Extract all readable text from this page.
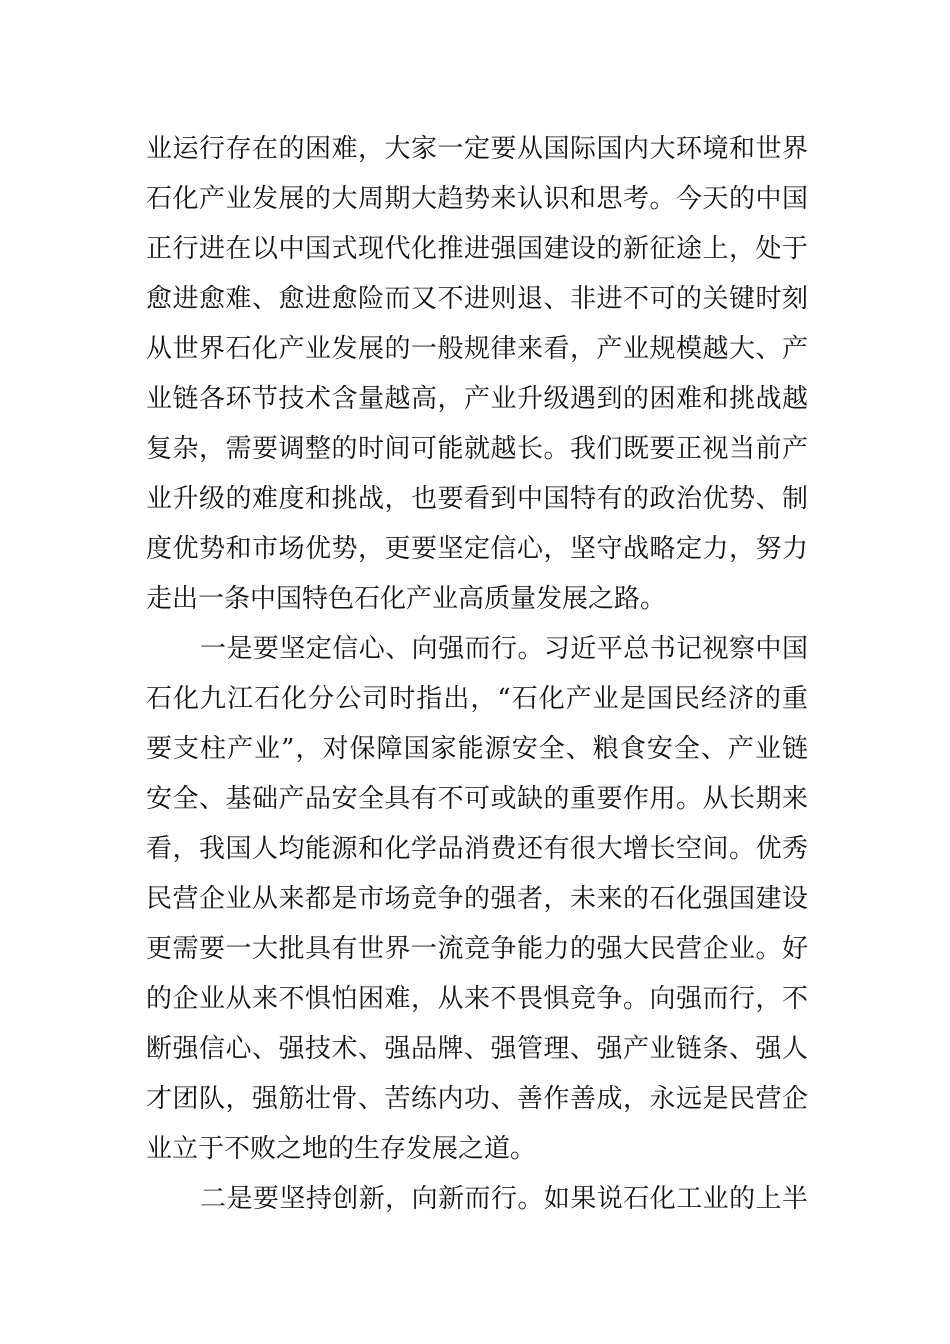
业运行存在的困难，大家一定要从国际国内大环境和世界
石化产业发展的大周期大趋势来认识和思考。今天的中国
正行进在以中国式现代化推进强国建设的新征途上，处于
愈进愈难、愈进愈险而又不进则退、非进不可的关键时刻
从世界石化产业发展的一般规律来看，产业规模越大、产
业链各环节技术含量越高，产业升级遇到的困难和挑战越
复杂，需要调整的时间可能就越长。我们既要正视当前产
业升级的难度和挑战，也要看到中国特有的政治优势、制
度优势和市场优势，更要坚定信心，坚守战略定力，努力
走出一条中国特色石化产业高质量发展之路。
一是要坚定信心、向强而行。习近平总书记视察中国
石化九江石化分公司时指出，“石化产业是国民经济的重
要支柱产业”，对保障国家能源安全、粮食安全、产业链
安全、基础产品安全具有不可或缺的重要作用。从长期来
看，我国人均能源和化学品消费还有很大增长空间。优秀
民营企业从来都是市场竞争的强者，未来的石化强国建设
更需要一大批具有世界一流竞争能力的强大民营企业。好
的企业从来不惧怕困难，从来不畏惧竞争。向强而行，不
断强信心、强技术、强品牌、强管理、强产业链条、强人
才团队，强筋壮骨、苦练内功、善作善成，永远是民营企
业立于不败之地的生存发展之道。
二是要坚持创新，向新而行。如果说石化工业的上半
